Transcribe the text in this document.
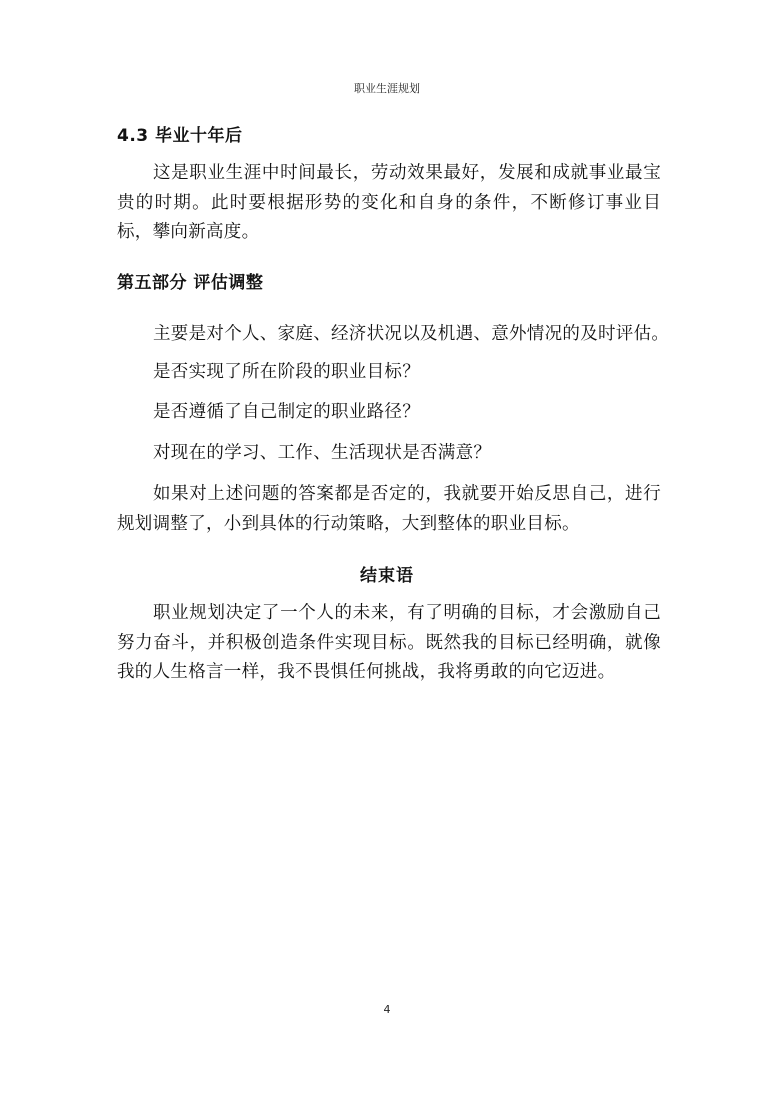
职业生涯规划
4.3 毕业十年后

这是职业生涯中时间最长，劳动效果最好，发展和成就事业最宝贵的时期。此时要根据形势的变化和自身的条件，不断修订事业目标，攀向新高度。

第五部分 评估调整
主要是对个人、家庭、经济状况以及机遇、意外情况的及时评估。
是否实现了所在阶段的职业目标？
是否遵循了自己制定的职业路径？
对现在的学习、工作、生活现状是否满意？

如果对上述问题的答案都是否定的，我就要开始反思自己，进行规划调整了，小到具体的行动策略，大到整体的职业目标。

结束语

职业规划决定了一个人的未来，有了明确的目标，才会激励自己努力奋斗，并积极创造条件实现目标。既然我的目标已经明确，就像我的人生格言一样，我不畏惧任何挑战，我将勇敢的向它迈进。

4
